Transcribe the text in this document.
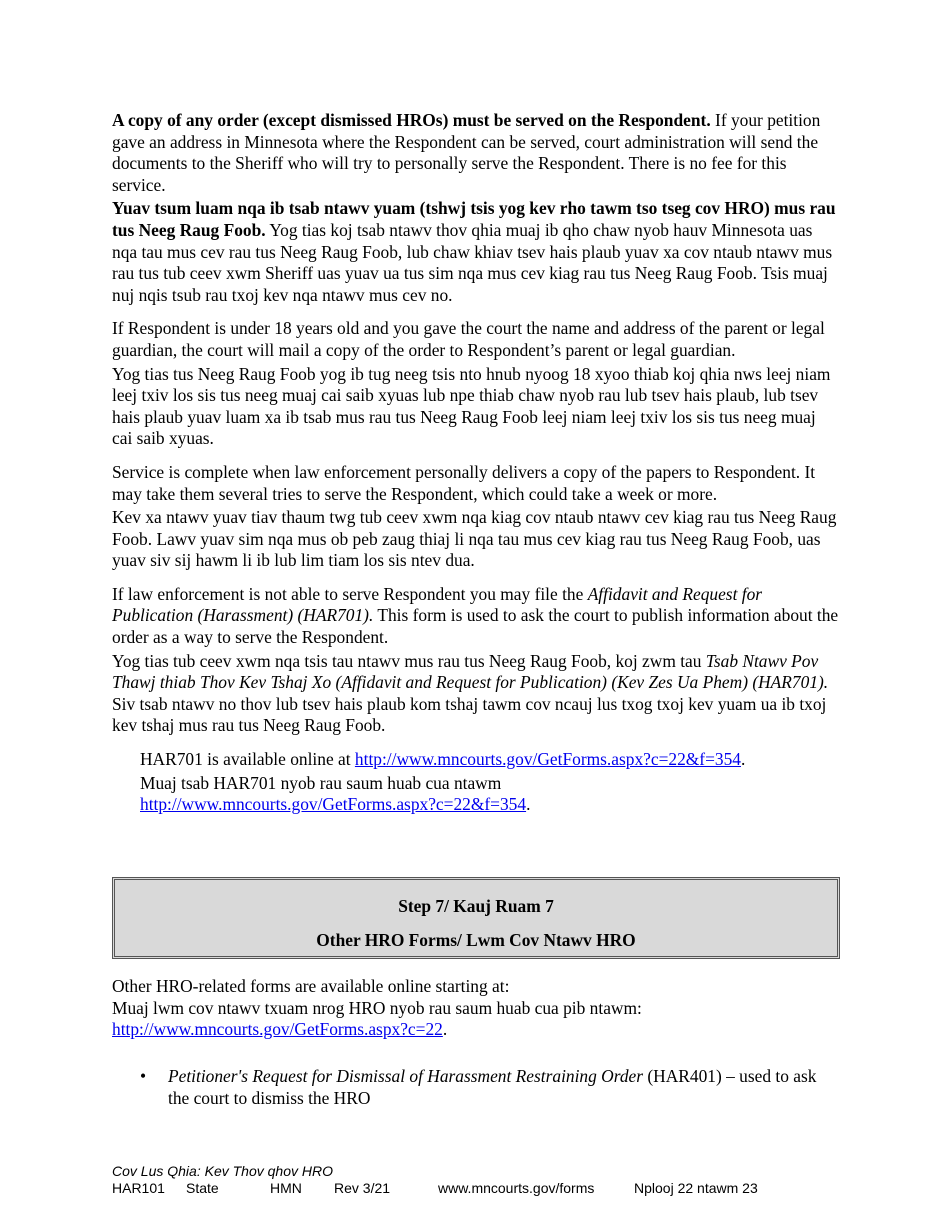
A copy of any order (except dismissed HROs) must be served on the Respondent. If your petition gave an address in Minnesota where the Respondent can be served, court administration will send the documents to the Sheriff who will try to personally serve the Respondent. There is no fee for this service.

Yuav tsum luam nqa ib tsab ntawv yuam (tshwj tsis yog kev rho tawm tso tseg cov HRO) mus rau tus Neeg Raug Foob. Yog tias koj tsab ntawv thov qhia muaj ib qho chaw nyob hauv Minnesota uas nqa tau mus cev rau tus Neeg Raug Foob, lub chaw khiav tsev hais plaub yuav xa cov ntaub ntawv mus rau tus tub ceev xwm Sheriff uas yuav ua tus sim nqa mus cev kiag rau tus Neeg Raug Foob. Tsis muaj nuj nqis tsub rau txoj kev nqa ntawv mus cev no.

If Respondent is under 18 years old and you gave the court the name and address of the parent or legal guardian, the court will mail a copy of the order to Respondent’s parent or legal guardian.

Yog tias tus Neeg Raug Foob yog ib tug neeg tsis nto hnub nyoog 18 xyoo thiab koj qhia nws leej niam leej txiv los sis tus neeg muaj cai saib xyuas lub npe thiab chaw nyob rau lub tsev hais plaub, lub tsev hais plaub yuav luam xa ib tsab mus rau tus Neeg Raug Foob leej niam leej txiv los sis tus neeg muaj cai saib xyuas.

Service is complete when law enforcement personally delivers a copy of the papers to Respondent. It may take them several tries to serve the Respondent, which could take a week or more.

Kev xa ntawv yuav tiav thaum twg tub ceev xwm nqa kiag cov ntaub ntawv cev kiag rau tus Neeg Raug Foob. Lawv yuav sim nqa mus ob peb zaug thiaj li nqa tau mus cev kiag rau tus Neeg Raug Foob, uas yuav siv sij hawm li ib lub lim tiam los sis ntev dua.

If law enforcement is not able to serve Respondent you may file the Affidavit and Request for Publication (Harassment) (HAR701). This form is used to ask the court to publish information about the order as a way to serve the Respondent.

Yog tias tub ceev xwm nqa tsis tau ntawv mus rau tus Neeg Raug Foob, koj zwm tau Tsab Ntawv Pov Thawj thiab Thov Kev Tshaj Xo (Affidavit and Request for Publication) (Kev Zes Ua Phem) (HAR701). Siv tsab ntawv no thov lub tsev hais plaub kom tshaj tawm cov ncauj lus txog txoj kev yuam ua ib txoj kev tshaj mus rau tus Neeg Raug Foob.

HAR701 is available online at http://www.mncourts.gov/GetForms.aspx?c=22&f=354.

Muaj tsab HAR701 nyob rau saum huab cua ntawm

http://www.mncourts.gov/GetForms.aspx?c=22&f=354.

Step 7/ Kauj Ruam 7
Other HRO Forms/ Lwm Cov Ntawv HRO

Other HRO-related forms are available online starting at:

Muaj lwm cov ntawv txuam nrog HRO nyob rau saum huab cua pib ntawm:

http://www.mncourts.gov/GetForms.aspx?c=22.

• Petitioner's Request for Dismissal of Harassment Restraining Order (HAR401) – used to ask the court to dismiss the HRO
Cov Lus Qhia: Kev Thov qhov HRO
HAR101 State	HMN Rev 3/21	www.mncourts.gov/forms	Nplooj 22 ntawm 23
